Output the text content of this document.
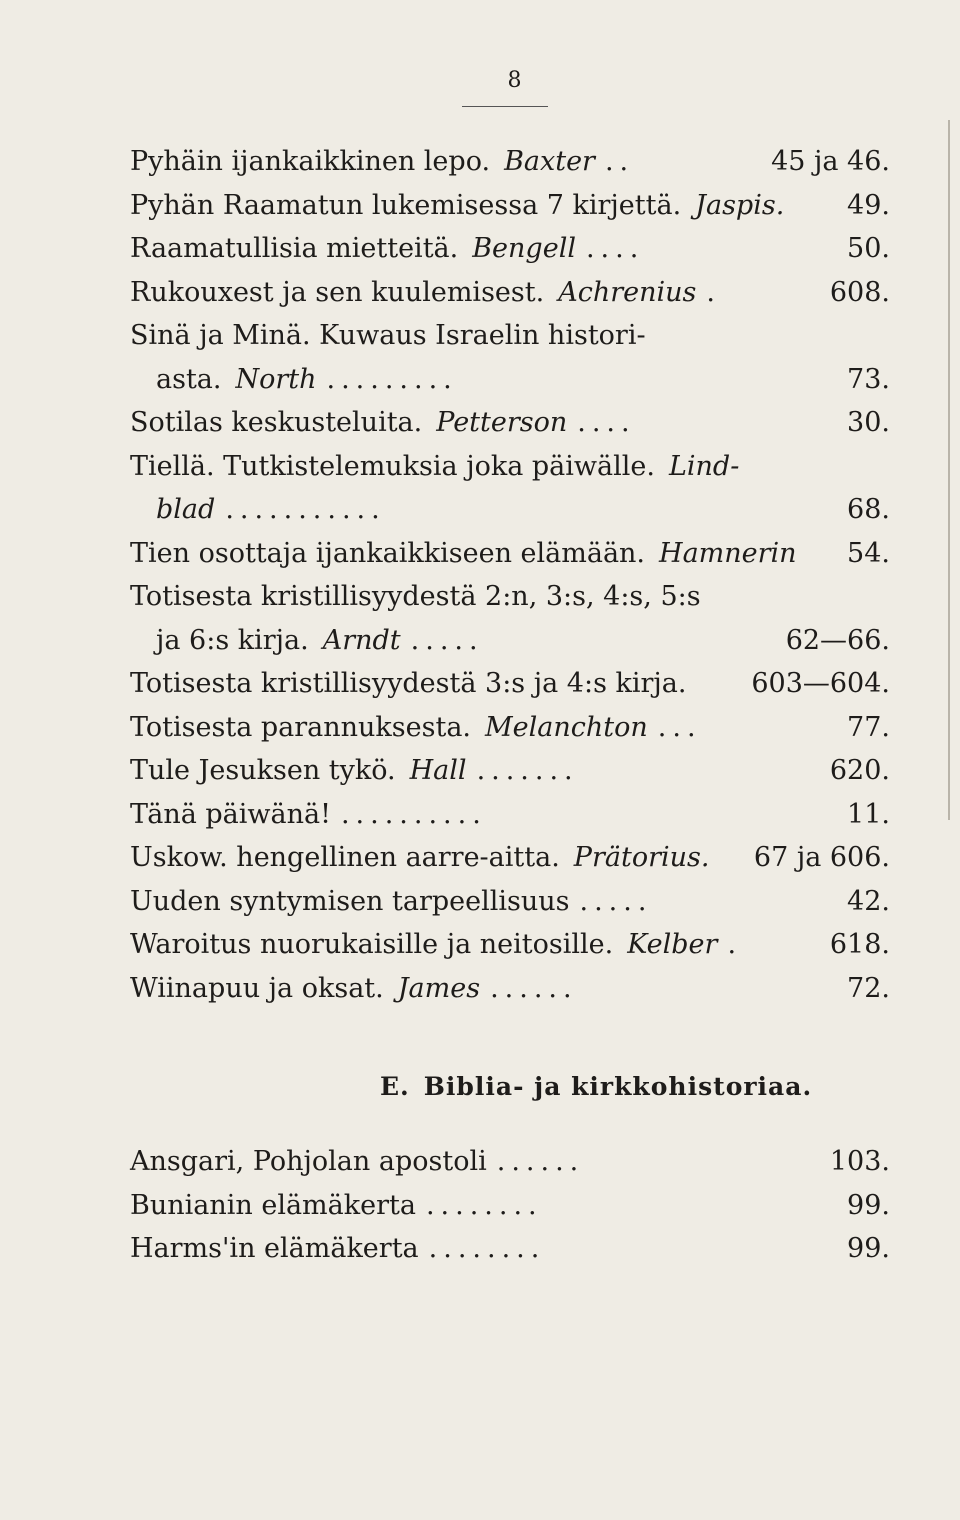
8
Pyhäin ijankaikkinen lepo. Baxter ..	45 ja 46.
Pyhän Raamatun lukemisessa 7 kirjettä. Jaspis. 49.
Raamatullisia mietteitä. Bengell ....	50.
Rukouxest ja sen kuulemisest. Achrenius .	608.
Sinä ja Minä. Kuwaus Israelin histori-
asta. North .........	73.
Sotilas keskusteluita. Petterson ....	30.
Tiellä. Tutkistelemuksia joka päiwälle. Lind-
blad ...........	68.
Tien osottaja ijankaikkiseen elämään. Hamnerin 54.
Totisesta kristillisyydestä 2:n, 3:s, 4:s, 5:s
ja 6:s kirja. Arndt .....	62—66.
Totisesta kristillisyydestä 3:s ja 4:s kirja. 603—604.
Totisesta parannuksesta. Melanchton ...	77.
Tule Jesuksen tykö. Hall .......	620.
Tänä päiwänä! ..........	11.
Uskow. hengellinen aarre-aitta. Prätorius. 67 ja 606.
Uuden syntymisen tarpeellisuus .....	42.
Waroitus nuorukaisille ja neitosille. Kelber .	618.
Wiinapuu ja oksat. James ......	72.
E. Biblia- ja kirkkohistoriaa.
Ansgari, Pohjolan apostoli ......	103.
Bunianin elämäkerta ........	99.
Harms'in elämäkerta ........	99.
